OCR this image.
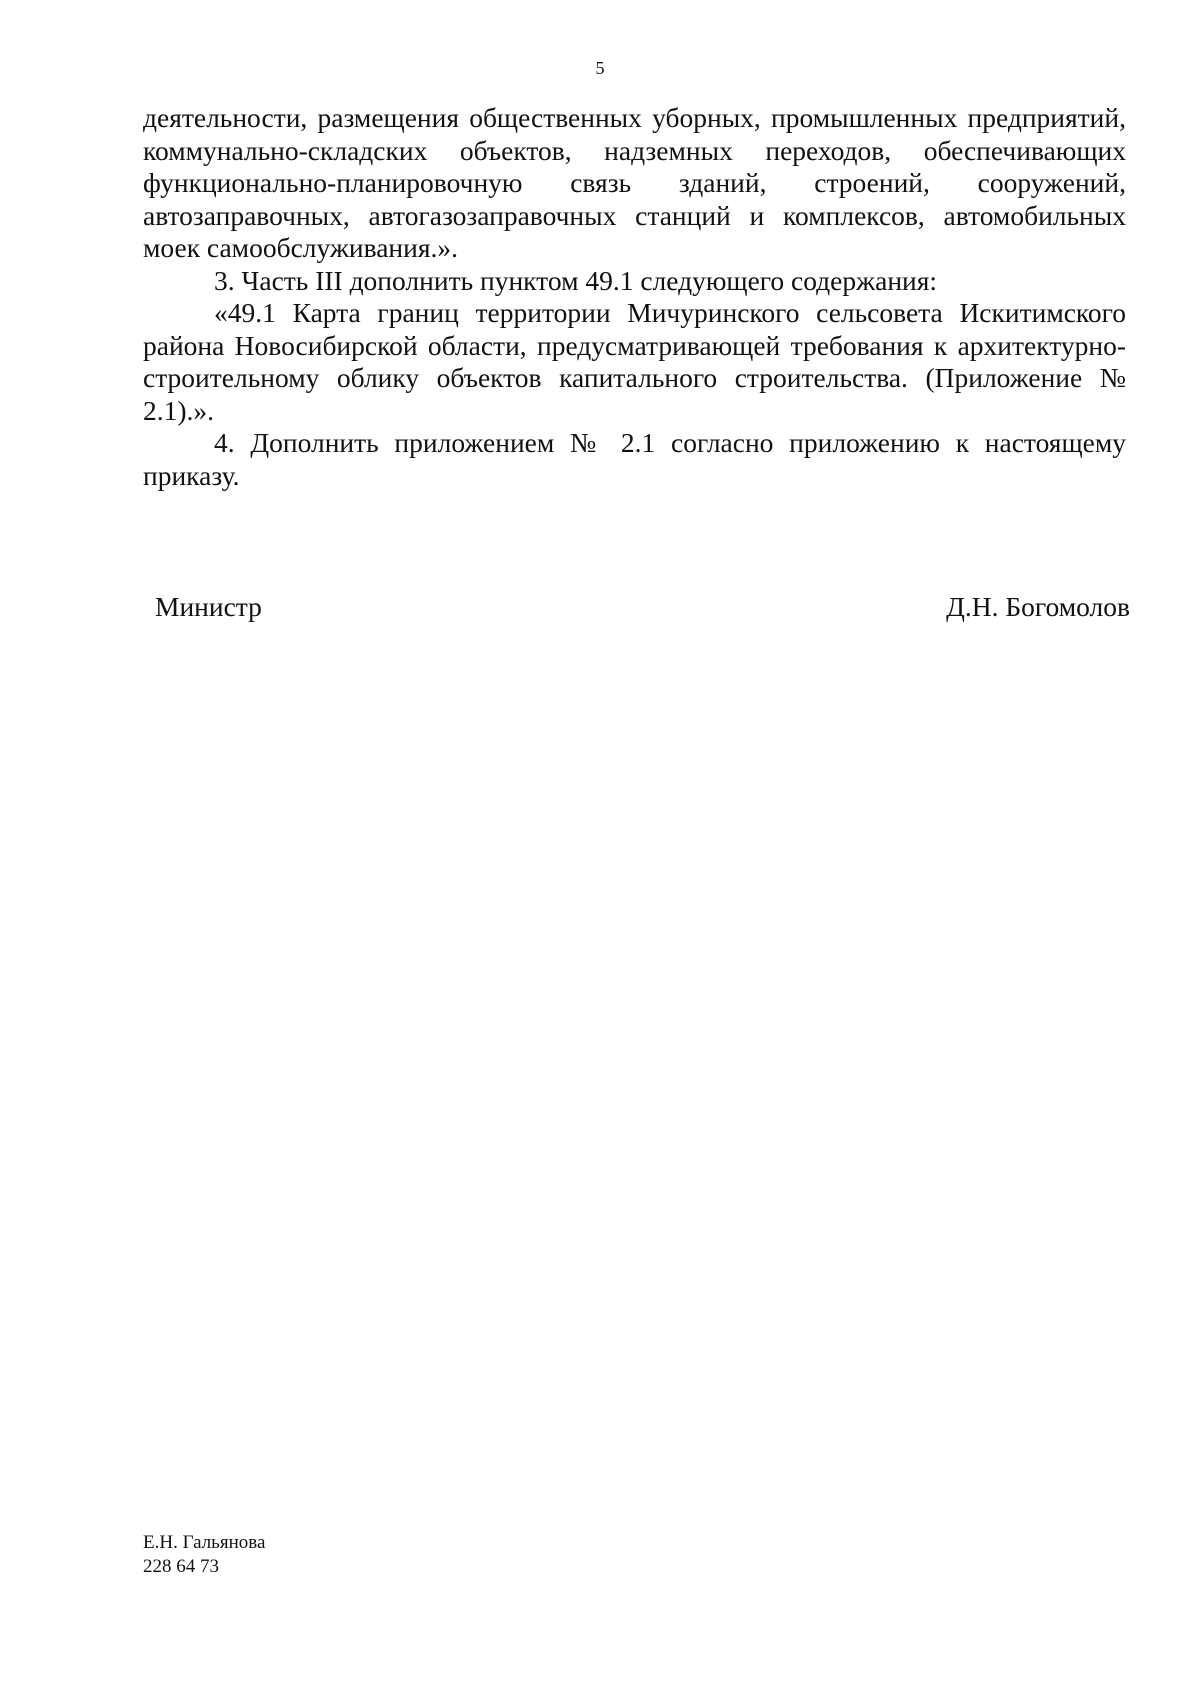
5

деятельности, размещения общественных уборных, промышленных предприятий, коммунально-складских объектов, надземных переходов, обеспечивающих функционально-планировочную связь зданий, строений, сооружений, автозаправочных, автогазозаправочных станций и комплексов, автомобильных моек самообслуживания.».

3. Часть III дополнить пунктом 49.1 следующего содержания:

«49.1 Карта границ территории Мичуринского сельсовета Искитимского района Новосибирской области, предусматривающей требования к архитектурно-строительному облику объектов капитального строительства. (Приложение № 2.1).».

4. Дополнить приложением № 2.1 согласно приложению к настоящему приказу.

Министр	Д.Н. Богомолов
Е.Н. Гальянова
228 64 73
